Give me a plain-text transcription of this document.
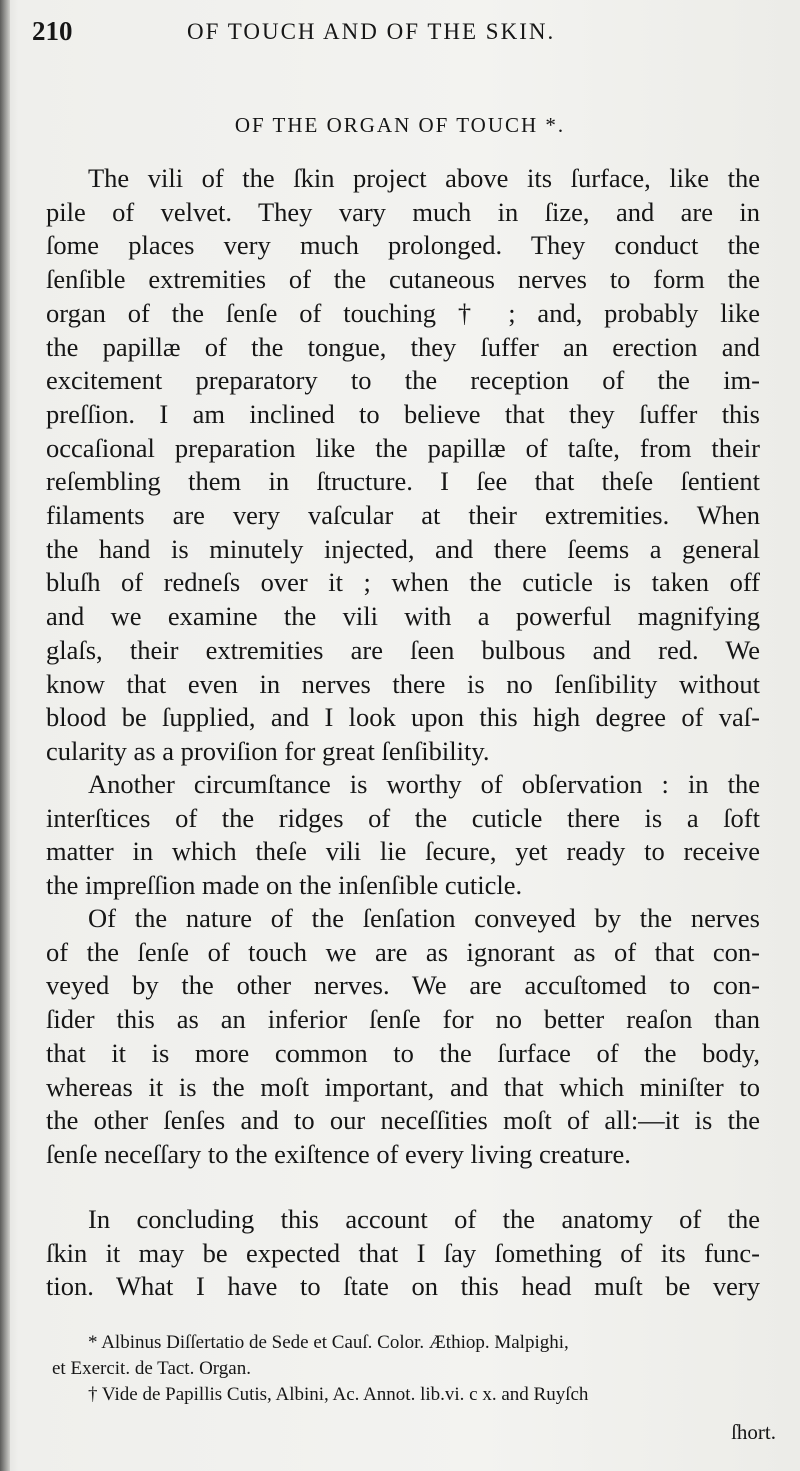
210	OF TOUCH AND OF THE SKIN.
OF THE ORGAN OF TOUCH *.

The vili of the ſkin project above its ſurface, like the
pile of velvet. They vary much in ſize, and are in
ſome places very much prolonged. They conduct the
ſenſible extremities of the cutaneous nerves to form the
organ of the ſenſe of touching † ; and, probably like
the papillæ of the tongue, they ſuffer an erection and
excitement preparatory to the reception of the im-
preſſion. I am inclined to believe that they ſuffer this
occaſional preparation like the papillæ of taſte, from their
reſembling them in ſtructure. I ſee that theſe ſentient
filaments are very vaſcular at their extremities. When
the hand is minutely injected, and there ſeems a general
bluſh of redneſs over it ; when the cuticle is taken off
and we examine the vili with a powerful magnifying
glaſs, their extremities are ſeen bulbous and red. We
know that even in nerves there is no ſenſibility without
blood be ſupplied, and I look upon this high degree of vaſ-
cularity as a proviſion for great ſenſibility.

Another circumſtance is worthy of obſervation : in the
interſtices of the ridges of the cuticle there is a ſoft
matter in which theſe vili lie ſecure, yet ready to receive
the impreſſion made on the inſenſible cuticle.

Of the nature of the ſenſation conveyed by the nerves
of the ſenſe of touch we are as ignorant as of that con-
veyed by the other nerves. We are accuſtomed to con-
ſider this as an inferior ſenſe for no better reaſon than
that it is more common to the ſurface of the body,
whereas it is the moſt important, and that which miniſter to
the other ſenſes and to our neceſſities moſt of all:—it is the
ſenſe neceſſary to the exiſtence of every living creature.

In concluding this account of the anatomy of the
ſkin it may be expected that I ſay ſomething of its func-
tion. What I have to ſtate on this head muſt be very

* Albinus Diſſertatio de Sede et Cauſ. Color. Æthiop. Malpighi,
et Exercit. de Tact. Organ.
† Vide de Papillis Cutis, Albini, Ac. Annot. lib.vi. c x. and Ruyſch
ſhort.
